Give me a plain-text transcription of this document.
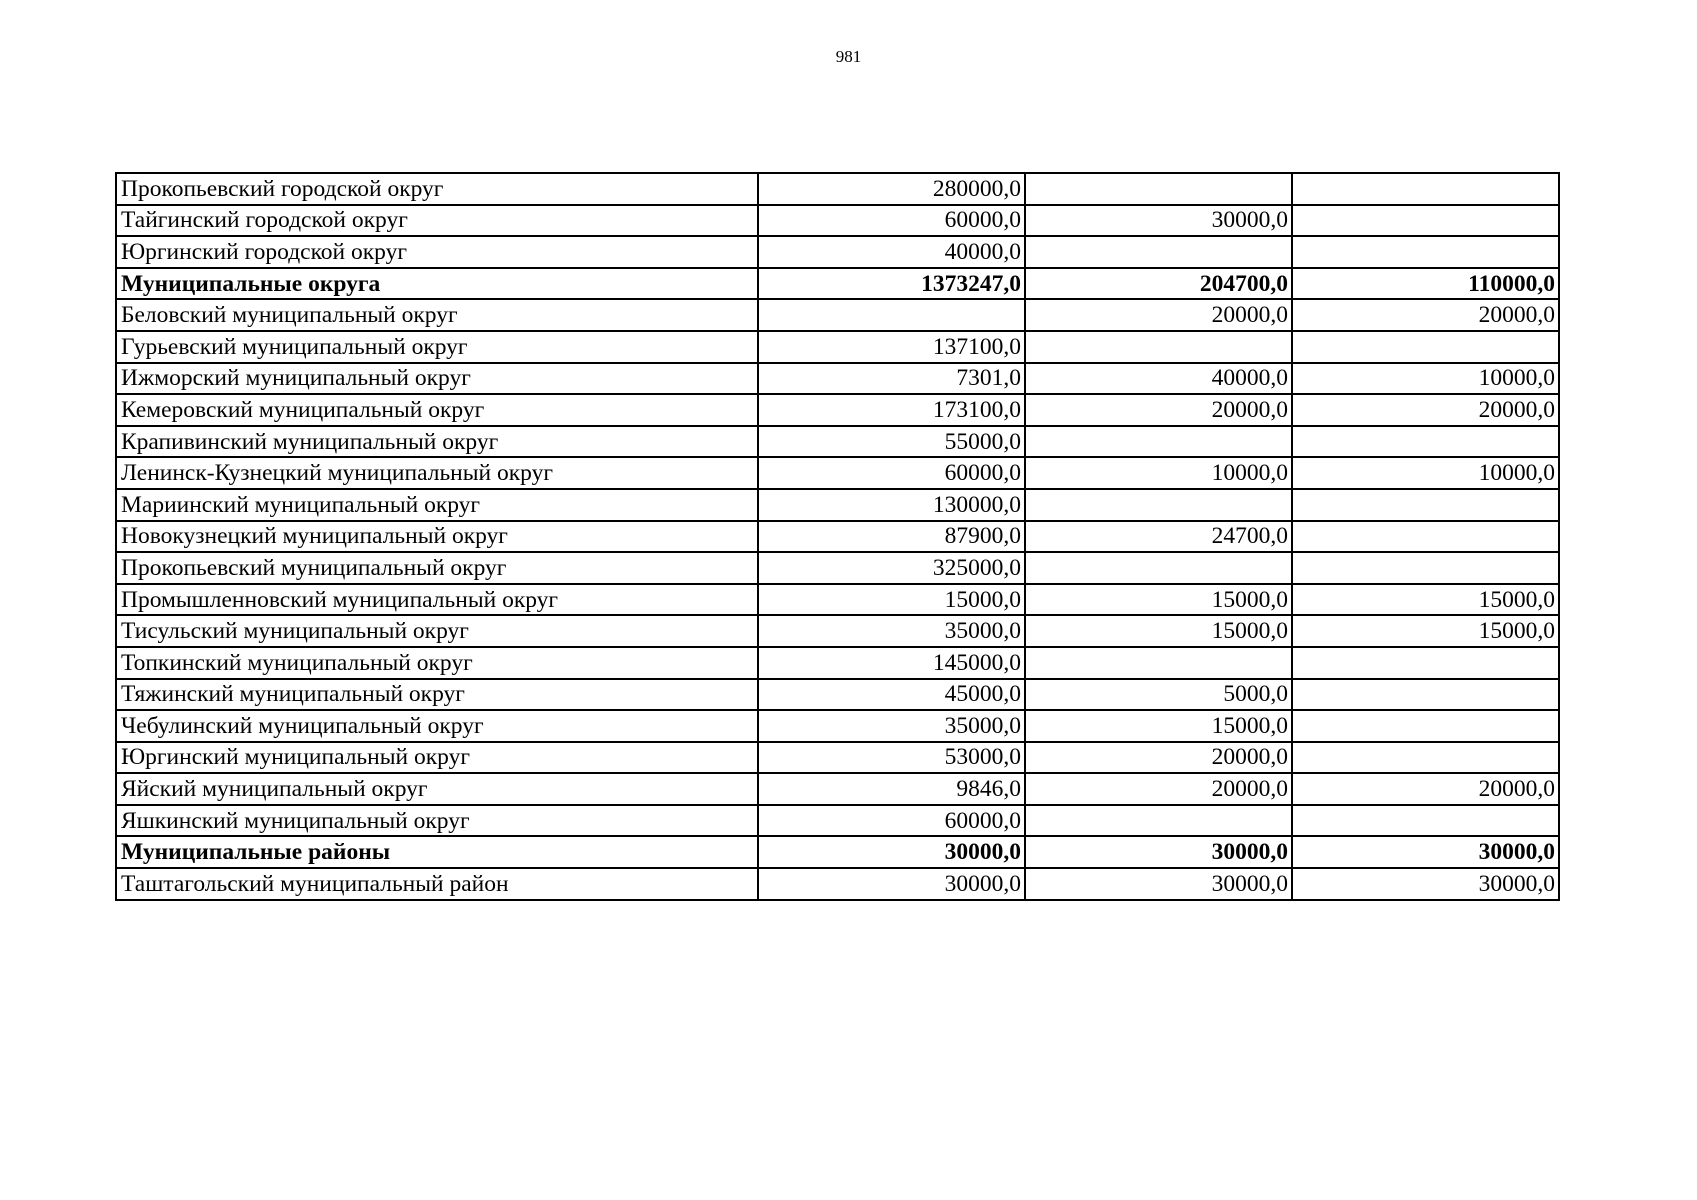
981
Прокопьевский городской округ	280000,0		
Тайгинский городской округ	60000,0	30000,0	
Юргинский городской округ	40000,0		
Муниципальные округа	1373247,0	204700,0	110000,0
Беловский муниципальный округ		20000,0	20000,0
Гурьевский муниципальный округ	137100,0		
Ижморский муниципальный округ	7301,0	40000,0	10000,0
Кемеровский муниципальный округ	173100,0	20000,0	20000,0
Крапивинский муниципальный округ	55000,0		
Ленинск-Кузнецкий муниципальный округ	60000,0	10000,0	10000,0
Мариинский муниципальный округ	130000,0		
Новокузнецкий муниципальный округ	87900,0	24700,0	
Прокопьевский муниципальный округ	325000,0		
Промышленновский муниципальный округ	15000,0	15000,0	15000,0
Тисульский муниципальный округ	35000,0	15000,0	15000,0
Топкинский муниципальный округ	145000,0		
Тяжинский муниципальный округ	45000,0	5000,0	
Чебулинский муниципальный округ	35000,0	15000,0	
Юргинский муниципальный округ	53000,0	20000,0	
Яйский муниципальный округ	9846,0	20000,0	20000,0
Яшкинский муниципальный округ	60000,0		
Муниципальные районы	30000,0	30000,0	30000,0
Таштагольский муниципальный район	30000,0	30000,0	30000,0
